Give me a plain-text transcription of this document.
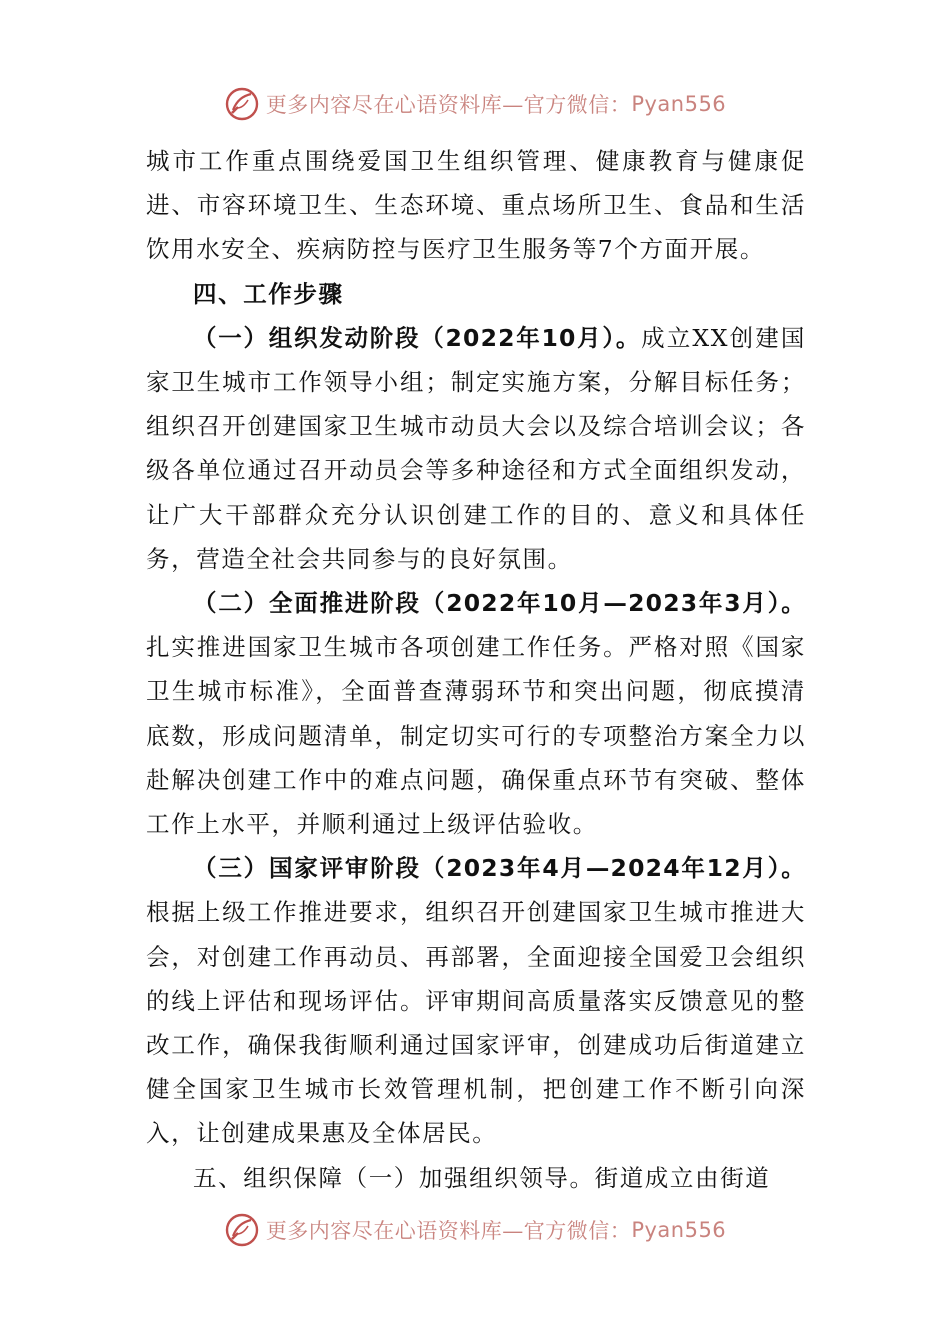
更多内容尽在心语资料库—官方微信： Pyan556

城市工作重点围绕爱国卫生组织管理、健康教育与健康促进、市容环境卫生、生态环境、重点场所卫生、食品和生活饮用水安全、疾病防控与医疗卫生服务等7个方面开展。

四、工作步骤

（一）组织发动阶段（2022年10月）。成立XX创建国家卫生城市工作领导小组；制定实施方案，分解目标任务；组织召开创建国家卫生城市动员大会以及综合培训会议；各级各单位通过召开动员会等多种途径和方式全面组织发动，让广大干部群众充分认识创建工作的目的、意义和具体任务，营造全社会共同参与的良好氛围。

（二）全面推进阶段（2022年10月—2023年3月）。扎实推进国家卫生城市各项创建工作任务。严格对照《国家卫生城市标准》，全面普查薄弱环节和突出问题，彻底摸清底数，形成问题清单，制定切实可行的专项整治方案全力以赴解决创建工作中的难点问题，确保重点环节有突破、整体工作上水平，并顺利通过上级评估验收。

（三）国家评审阶段（2023年4月—2024年12月）。根据上级工作推进要求，组织召开创建国家卫生城市推进大会，对创建工作再动员、再部署，全面迎接全国爱卫会组织的线上评估和现场评估。评审期间高质量落实反馈意见的整改工作，确保我街顺利通过国家评审，创建成功后街道建立健全国家卫生城市长效管理机制，把创建工作不断引向深入，让创建成果惠及全体居民。

五、组织保障（一）加强组织领导。街道成立由街道

更多内容尽在心语资料库—官方微信： Pyan556
